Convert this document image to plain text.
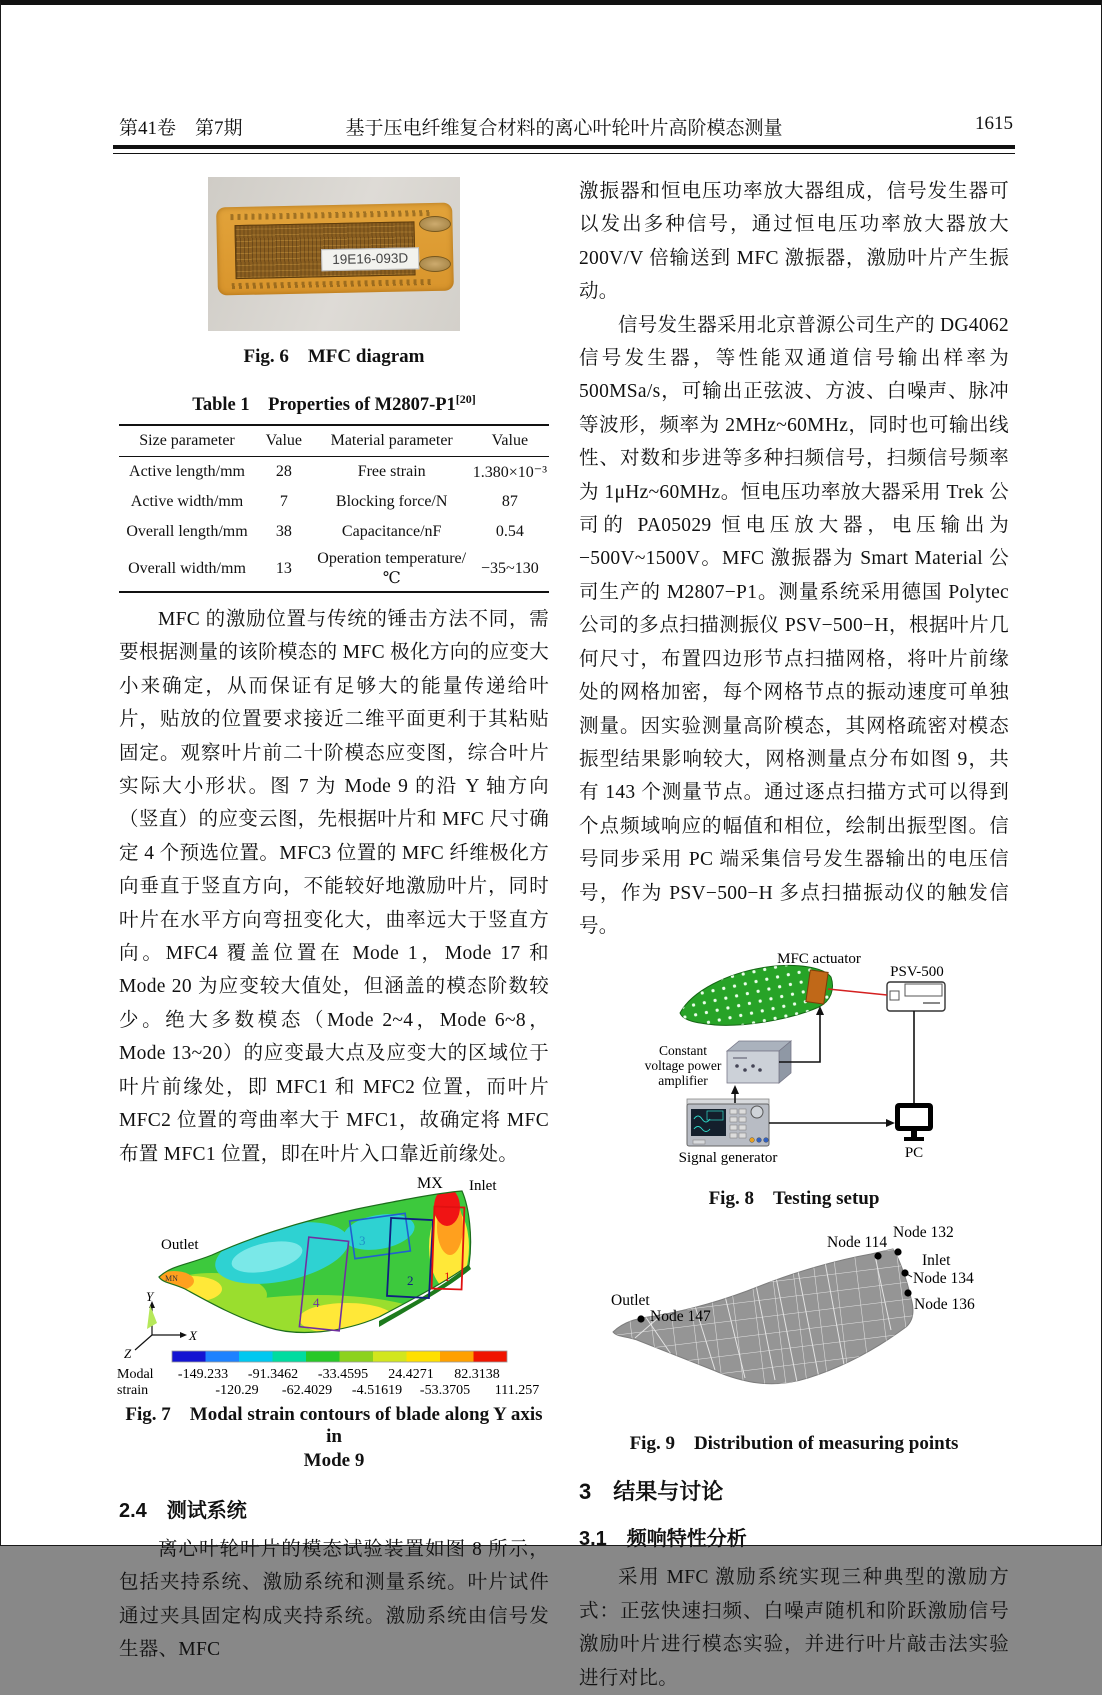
第41卷　第7期	基于压电纤维复合材料的离心叶轮叶片高阶模态测量	1615
19E16-093D
Fig. 6　MFC diagram
Table 1　Properties of M2807-P1[20]
Size parameter	Value	Material parameter	Value
Active length/mm	28	Free strain	1.380×10⁻³
Active width/mm	7	Blocking force/N	87
Overall length/mm	38	Capacitance/nF	0.54
Overall width/mm	13	Operation temperature/℃	−35~130

MFC 的激励位置与传统的锤击方法不同，需要根据测量的该阶模态的 MFC 极化方向的应变大小来确定，从而保证有足够大的能量传递给叶片，贴放的位置要求接近二维平面更利于其粘贴固定。观察叶片前二十阶模态应变图，综合叶片实际大小形状。图 7 为 Mode 9 的沿 Y 轴方向（竖直）的应变云图，先根据叶片和 MFC 尺寸确定 4 个预选位置。MFC3 位置的 MFC 纤维极化方向垂直于竖直方向，不能较好地激励叶片，同时叶片在水平方向弯扭变化大，曲率远大于竖直方向。MFC4 覆盖位置在 Mode 1，Mode 17 和 Mode 20 为应变较大值处，但涵盖的模态阶数较少。绝大多数模态（Mode 2~4，Mode 6~8，Mode 13~20）的应变最大点及应变大的区域位于叶片前缘处，即 MFC1 和 MFC2 位置，而叶片 MFC2 位置的弯曲率大于 MFC1，故确定将 MFC 布置 MFC1 位置，即在叶片入口靠近前缘处。

3
2 1
4
MX Inlet
Outlet
MN
Y
X
Z
Modal
strain
-149.233 -91.3462 -33.4595 24.4271 82.3138
-120.29 -62.4029 -4.51619 -53.3705 111.257
Fig. 7　Modal strain contours of blade along Y axis in
Mode 9
2.4　测试系统

离心叶轮叶片的模态试验装置如图 8 所示，包括夹持系统、激励系统和测量系统。叶片试件通过夹具固定构成夹持系统。激励系统由信号发生器、MFC

激振器和恒电压功率放大器组成，信号发生器可以发出多种信号，通过恒电压功率放大器放大 200V/V 倍输送到 MFC 激振器，激励叶片产生振动。

信号发生器采用北京普源公司生产的 DG4062 信号发生器，等性能双通道信号输出样率为 500MSa/s，可输出正弦波、方波、白噪声、脉冲等波形，频率为 2MHz~60MHz，同时也可输出线性、对数和步进等多种扫频信号，扫频信号频率为 1μHz~60MHz。恒电压功率放大器采用 Trek 公司的 PA05029 恒电压放大器，电压输出为−500V~1500V。MFC 激振器为 Smart Material 公司生产的 M2807−P1。测量系统采用德国 Polytec 公司的多点扫描测振仪 PSV−500−H，根据叶片几何尺寸，布置四边形节点扫描网格，将叶片前缘处的网格加密，每个网格节点的振动速度可单独测量。因实验测量高阶模态，其网格疏密对模态振型结果影响较大，网格测量点分布如图 9，共有 143 个测量节点。通过逐点扫描方式可以得到个点频域响应的幅值和相位，绘制出振型图。信号同步采用 PC 端采集信号发生器输出的电压信号，作为 PSV−500−H 多点扫描振动仪的触发信号。

MFC actuator
PSV-500
Constant
voltage power
amplifier
Signal generator	PC
Fig. 8　Testing setup
Node 114
Node 132
Inlet
Node 134
Node 136
Outlet
Node 147
Fig. 9　Distribution of measuring points
3　结果与讨论
3.1　频响特性分析

采用 MFC 激励系统实现三种典型的激励方式：正弦快速扫频、白噪声随机和阶跃激励信号激励叶片进行模态实验，并进行叶片敲击法实验进行对比。
